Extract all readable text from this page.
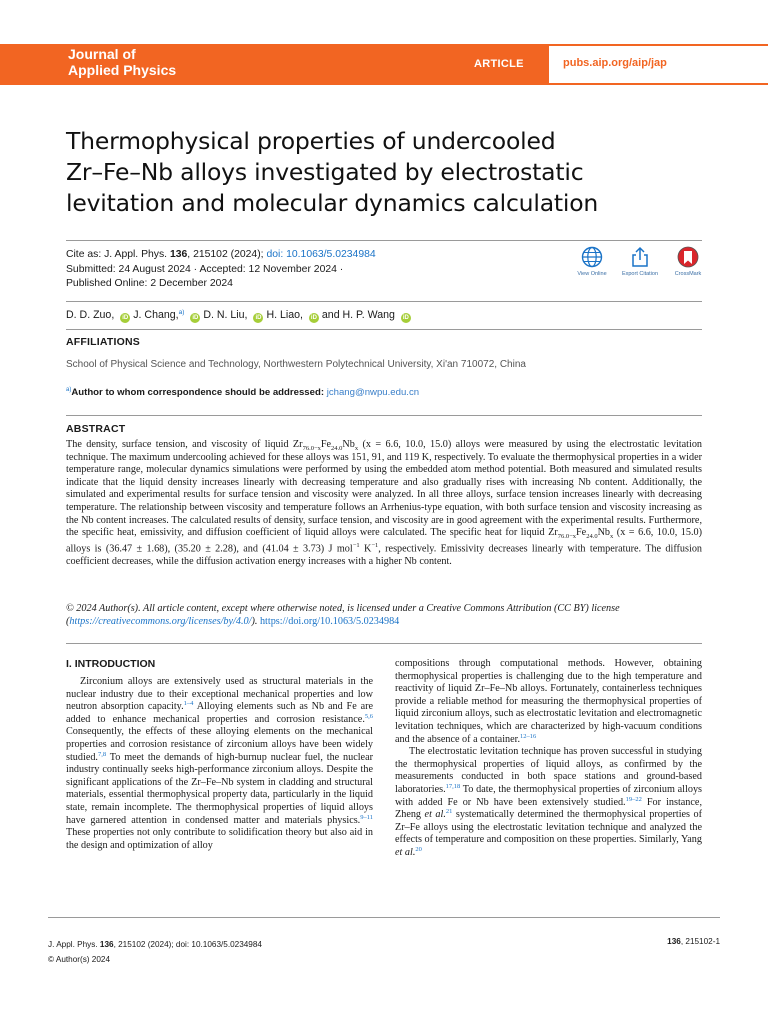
Journal of
Applied Physics	ARTICLE	pubs.aip.org/aip/jap
Thermophysical properties of undercooled
Zr–Fe–Nb alloys investigated by electrostatic
levitation and molecular dynamics calculation
Cite as: J. Appl. Phys. 136, 215102 (2024); doi: 10.1063/5.0234984
Submitted: 24 August 2024 · Accepted: 12 November 2024 ·
Published Online: 2 December 2024
View Online	Export Citation	CrossMark
D. D. Zuo, iD J. Chang,$^{a)}$ iD D. N. Liu, iD H. Liao, iD and H. P. Wang iD
AFFILIATIONS
School of Physical Science and Technology, Northwestern Polytechnical University, Xi'an 710072, China
$^{a)}$Author to whom correspondence should be addressed: jchang@nwpu.edu.cn
ABSTRACT
The density, surface tension, and viscosity of liquid $Zr_{76.0-x}Fe_{24.0}Nb_x$ (x = 6.6, 10.0, 15.0) alloys were measured by using the electrostatic levitation technique. The maximum undercooling achieved for these alloys was 151, 91, and 119 K, respectively. To evaluate the thermophysical properties in a wider temperature range, molecular dynamics simulations were performed by using the embedded atom method potential. Both measured and simulated results indicate that the liquid density increases linearly with decreasing temperature and also gradually rises with increasing Nb content. Additionally, the simulated and experimental results for surface tension and viscosity were analyzed. In all three alloys, surface tension increases linearly with decreasing temperature. The relationship between viscosity and temperature follows an Arrhenius-type equation, with both surface tension and viscosity increasing as the Nb content increases. The calculated results of density, surface tension, and viscosity are in good agreement with the experimental results. Furthermore, the specific heat, emissivity, and diffusion coefficient of liquid alloys were calculated. The specific heat for liquid $Zr_{76.0-x}Fe_{24.0}Nb_x$ (x = 6.6, 10.0, 15.0) alloys is (36.47 ± 1.68), (35.20 ± 2.28), and (41.04 ± 3.73) J mol$^{-1}$ $K^{-1}$, respectively. Emissivity decreases linearly with temperature. The diffusion coefficient decreases, while the diffusion activation energy increases with a higher Nb content.
© 2024 Author(s). All article content, except where otherwise noted, is licensed under a Creative Commons Attribution (CC BY) license (https://creativecommons.org/licenses/by/4.0/). https://doi.org/10.1063/5.0234984
I. INTRODUCTION

Zirconium alloys are extensively used as structural materials in the nuclear industry due to their exceptional mechanical properties and low neutron absorption capacity.$^{1-4}$ Alloying elements such as Nb and Fe are added to enhance mechanical properties and corrosion resistance.$^{5,6}$ Consequently, the effects of these alloying elements on the mechanical properties and corrosion resistance of zirconium alloys have been widely studied.$^{7,8}$ To meet the demands of high-burnup nuclear fuel, the nuclear industry continually seeks high-performance zirconium alloys. Despite the significant applications of the Zr–Fe–Nb system in cladding and structural materials, essential thermophysical property data, particularly in the liquid state, remain incomplete. The thermophysical properties of liquid alloys have garnered attention in condensed matter and materials physics.$^{9-11}$ These properties not only contribute to solidification theory but also aid in the design and optimization of alloy

compositions through computational methods. However, obtaining thermophysical properties is challenging due to the high temperature and reactivity of liquid Zr–Fe–Nb alloys. Fortunately, containerless techniques provide a reliable method for measuring the thermophysical properties of liquid zirconium alloys, such as electrostatic levitation and electromagnetic levitation techniques, which are characterized by high-vacuum conditions and the absence of a container.$^{12-16}$

The electrostatic levitation technique has proven successful in studying the thermophysical properties of liquid alloys, as confirmed by the measurements conducted in both space stations and ground-based laboratories.$^{17,18}$ To date, the thermophysical properties of zirconium alloys with added Fe or Nb have been extensively studied.$^{19-22}$ For instance, Zheng et al.$^{21}$ systematically determined the thermophysical properties of Zr–Fe alloys using the electrostatic levitation technique and analyzed the effects of temperature and composition on these properties. Similarly, Yang et al.$^{20}$

J. Appl. Phys. 136, 215102 (2024); doi: 10.1063/5.0234984
© Author(s) 2024
136, 215102-1
